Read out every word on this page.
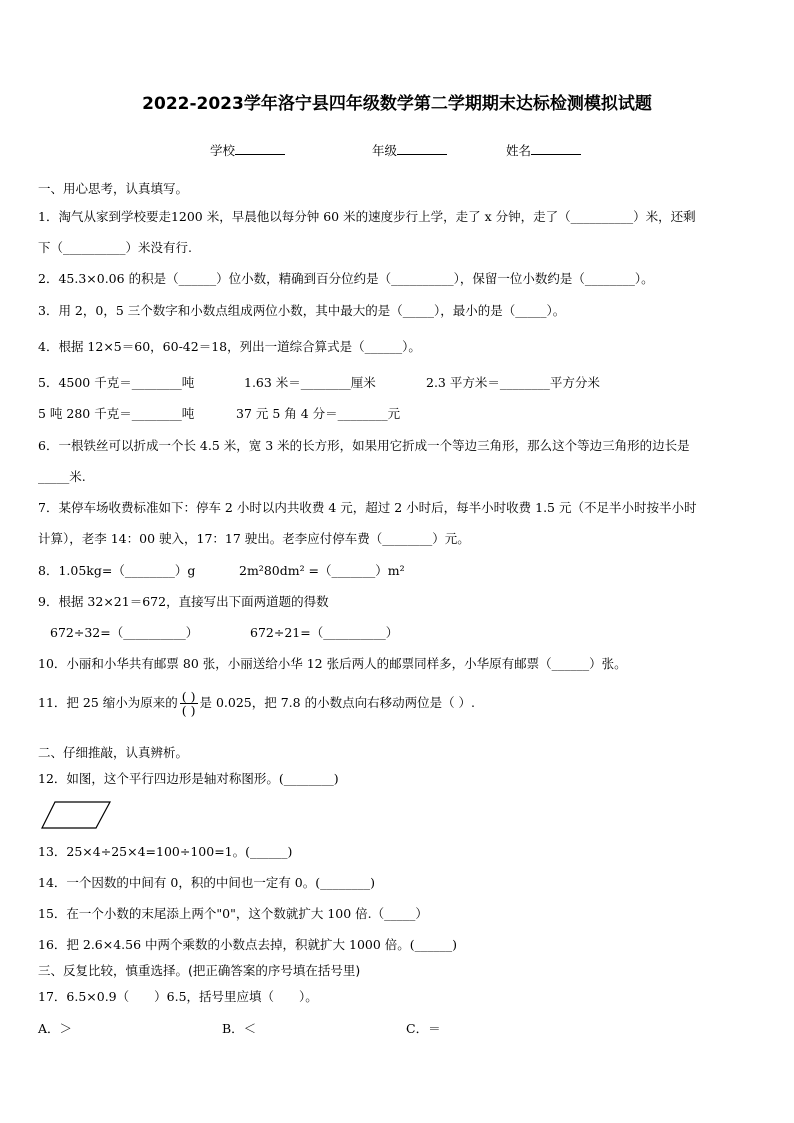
2022-2023学年洛宁县四年级数学第二学期期末达标检测模拟试题
学校	年级	姓名
一、用心思考，认真填写。
1．淘气从家到学校要走1200 米，早晨他以每分钟 60 米的速度步行上学，走了 x 分钟，走了（__________）米，还剩
下（__________）米没有行.
2．45.3×0.06 的积是（______）位小数，精确到百分位约是（__________），保留一位小数约是（________）。
3．用 2，0，5 三个数字和小数点组成两位小数，其中最大的是（_____），最小的是（_____）。
4．根据 12×5＝60，60-42＝18，列出一道综合算式是（______）。
5．4500 千克＝________吨	1.63 米＝________厘米	2.3 平方米＝________平方分米
5 吨 280 千克＝________吨	37 元 5 角 4 分＝________元
6．一根铁丝可以折成一个长 4.5 米，宽 3 米的长方形，如果用它折成一个等边三角形，那么这个等边三角形的边长是
_____米.
7．某停车场收费标准如下：停车 2 小时以内共收费 4 元，超过 2 小时后，每半小时收费 1.5 元（不足半小时按半小时
计算），老李 14：00 驶入，17：17 驶出。老李应付停车费（________）元。
8．1.05kg=（________）g	2m²80dm² =（_______）m²
9．根据 32×21＝672，直接写出下面两道题的得数
672÷32=（__________）	672÷21=（__________）
10．小丽和小华共有邮票 80 张，小丽送给小华 12 张后两人的邮票同样多，小华原有邮票（______）张。
11．把 25 缩小为原来的 $\frac{( )}{( )}$ 是 0.025，把 7.8 的小数点向右移动两位是（ ）.
二、仔细推敲，认真辨析。
12．如图，这个平行四边形是轴对称图形。(________)
13．25×4÷25×4=100÷100=1。(______)
14．一个因数的中间有 0，积的中间也一定有 0。(________)
15．在一个小数的末尾添上两个"0"，这个数就扩大 100 倍.（_____）
16．把 2.6×4.56 中两个乘数的小数点去掉，积就扩大 1000 倍。(______)
三、反复比较，慎重选择。(把正确答案的序号填在括号里)
17．6.5×0.9（　　）6.5，括号里应填（　　）。
A．＞	B．＜	C．＝
